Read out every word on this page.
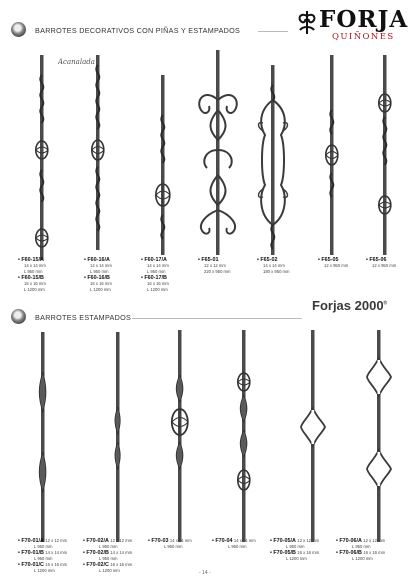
BARROTES DECORATIVOS CON PIÑAS Y ESTAMPADOS	FORJA
QUIÑONES
Acanalada
• F60-15/A
14 x 14 mm
L 950 mm
• F60-15/B
16 x 16 mm
L 1200 mm
• F60-16/A
14 x 14 mm
L 950 mm
• F60-16/B
16 x 16 mm
L 1200 mm
• F60-17/A
14 x 14 mm
L 950 mm
• F60-17/B
16 x 16 mm
L 1200 mm
• F65-01
12 x 12 mm
220 x 950 mm
• F65-02
14 x 14 mm
180 x 950 mm
• F65-05
12 x 950 mm
• F65-06
12 x 950 mm
Forjas 2000®
BARROTES ESTAMPADOS
• F70-01/A 12 x 12 mm
L 950 mm
• F70-01/B 14 x 14 mm
L 950 mm
• F70-01/C 16 x 16 mm
L 1200 mm
• F70-02/A 12 x 12 mm
L 950 mm
• F70-02/B 14 x 14 mm
L 950 mm
• F70-02/C 16 x 16 mm
L 1200 mm
• F70-03 14 x 14 mm
L 950 mm
• F70-04 14 x 14 mm
L 950 mm
• F70-05/A 12 x 12 mm
L 950 mm
• F70-05/B 16 x 16 mm
L 1200 mm
• F70-06/A 12 x 12 mm
L 950 mm
• F70-06/B 16 x 16 mm
L 1200 mm
- 14 -
